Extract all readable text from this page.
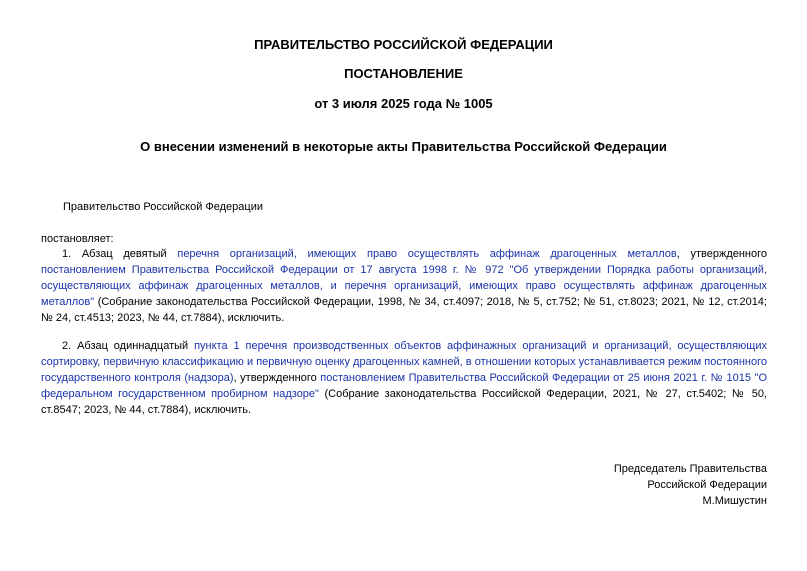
ПРАВИТЕЛЬСТВО РОССИЙСКОЙ ФЕДЕРАЦИИ
ПОСТАНОВЛЕНИЕ
от 3 июля 2025 года № 1005
О внесении изменений в некоторые акты Правительства Российской Федерации
Правительство Российской Федерации
постановляет:
1. Абзац девятый перечня организаций, имеющих право осуществлять аффинаж драгоценных металлов, утвержденного постановлением Правительства Российской Федерации от 17 августа 1998 г. № 972 "Об утверждении Порядка работы организаций, осуществляющих аффинаж драгоценных металлов, и перечня организаций, имеющих право осуществлять аффинаж драгоценных металлов" (Собрание законодательства Российской Федерации, 1998, № 34, ст.4097; 2018, № 5, ст.752; № 51, ст.8023; 2021, № 12, ст.2014; № 24, ст.4513; 2023, № 44, ст.7884), исключить.
2. Абзац одиннадцатый пункта 1 перечня производственных объектов аффинажных организаций и организаций, осуществляющих сортировку, первичную классификацию и первичную оценку драгоценных камней, в отношении которых устанавливается режим постоянного государственного контроля (надзора), утвержденного постановлением Правительства Российской Федерации от 25 июня 2021 г. № 1015 "О федеральном государственном пробирном надзоре" (Собрание законодательства Российской Федерации, 2021, № 27, ст.5402; № 50, ст.8547; 2023, № 44, ст.7884), исключить.
Председатель Правительства
Российской Федерации
М.Мишустин
